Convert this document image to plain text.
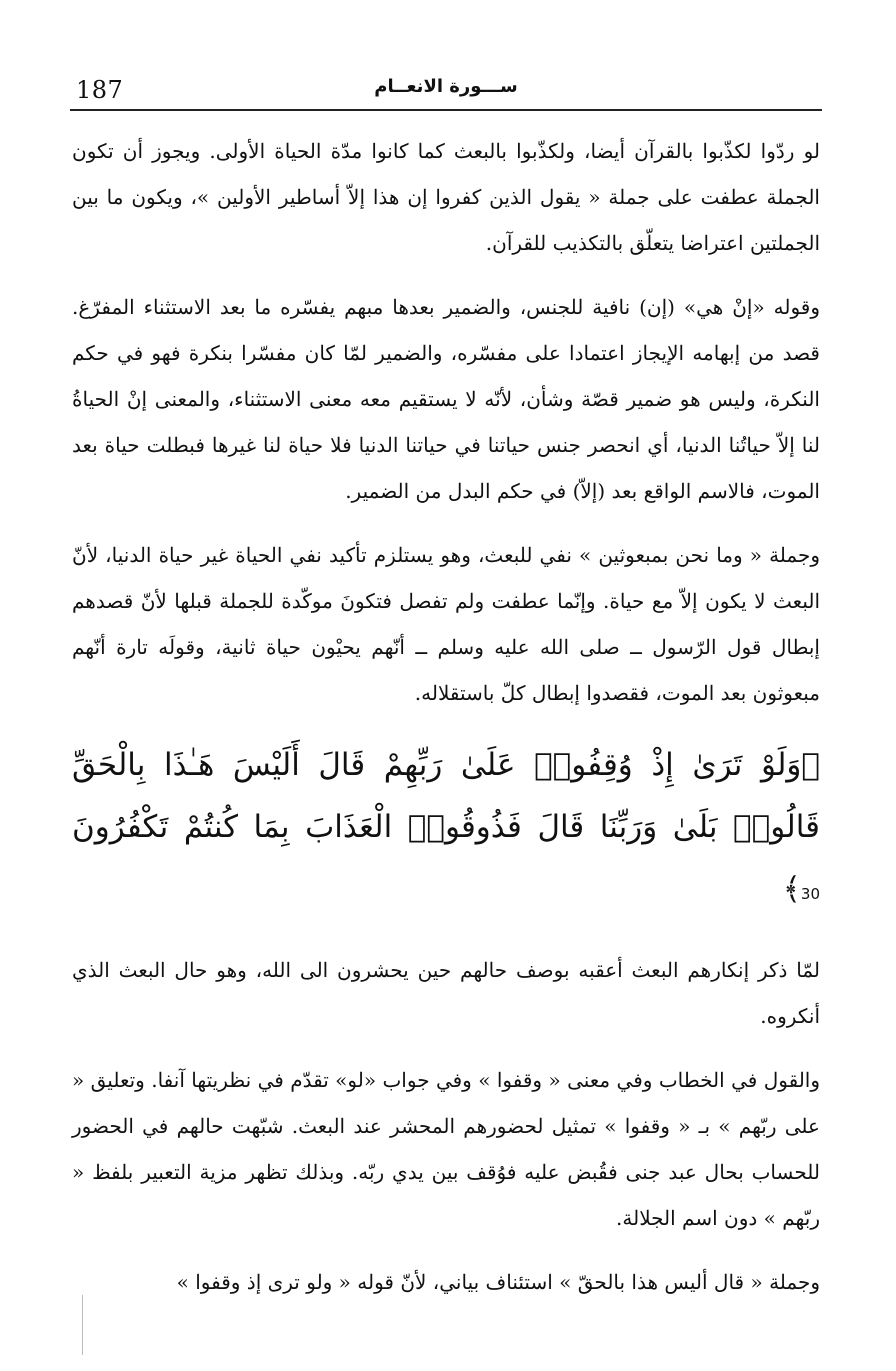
187	ســـورة الانعــام

لو ردّوا لكذّبوا بالقرآن أيضا، ولكذّبوا بالبعث كما كانوا مدّة الحياة الأولى. ويجوز أن تكون الجملة عطفت على جملة « يقول الذين كفروا إن هذا إلاّ أساطير الأولين »، ويكون ما بين الجملتين اعتراضا يتعلّق بالتكذيب للقرآن.

وقوله «إنْ هي» (إن) نافية للجنس، والضمير بعدها مبهم يفسّره ما بعد الاستثناء المفرّغ. قصد من إبهامه الإيجاز اعتمادا على مفسّره، والضمير لمّا كان مفسّرا بنكرة فهو في حكم النكرة، وليس هو ضمير قصّة وشأن، لأنّه لا يستقيم معه معنى الاستثناء، والمعنى إنْ الحياةُ لنا إلاّ حياتُنا الدنيا، أي انحصر جنس حياتنا في حياتنا الدنيا فلا حياة لنا غيرها فبطلت حياة بعد الموت، فالاسم الواقع بعد (إلاّ) في حكم البدل من الضمير.

وجملة « وما نحن بمبعوثين » نفي للبعث، وهو يستلزم تأكيد نفي الحياة غير حياة الدنيا، لأنّ البعث لا يكون إلاّ مع حياة. وإنّما عطفت ولم تفصل فتكونَ موكّدة للجملة قبلها لأنّ قصدهم إبطال قول الرّسول ــ صلى الله عليه وسلم ــ أنّهم يحيْون حياة ثانية، وقولَه تارة أنّهم مبعوثون بعد الموت، فقصدوا إبطال كلّ باستقلاله.

﴿وَلَوْ تَرَىٰ إِذْ وُقِفُوا۟ عَلَىٰ رَبِّهِمْ قَالَ أَلَيْسَ هَـٰذَا بِالْحَقِّ قَالُوا۟ بَلَىٰ وَرَبِّنَا قَالَ فَذُوقُوا۟ الْعَذَابَ بِمَا كُنتُمْ تَكْفُرُونَ 30﴾

لمّا ذكر إنكارهم البعث أعقبه بوصف حالهم حين يحشرون الى الله، وهو حال البعث الذي أنكروه.

والقول في الخطاب وفي معنى « وقفوا » وفي جواب «لو» تقدّم في نظريتها آنفا. وتعليق « على ربّهم » بـ « وقفوا » تمثيل لحضورهم المحشر عند البعث. شبّهت حالهم في الحضور للحساب بحال عبد جنى فقُبض عليه فوُقف بين يدي ربّه. وبذلك تظهر مزية التعبير بلفظ « ربّهم » دون اسم الجلالة.

وجملة « قال أليس هذا بالحقّ » استئناف بياني، لأنّ قوله « ولو ترى إذ وقفوا »
